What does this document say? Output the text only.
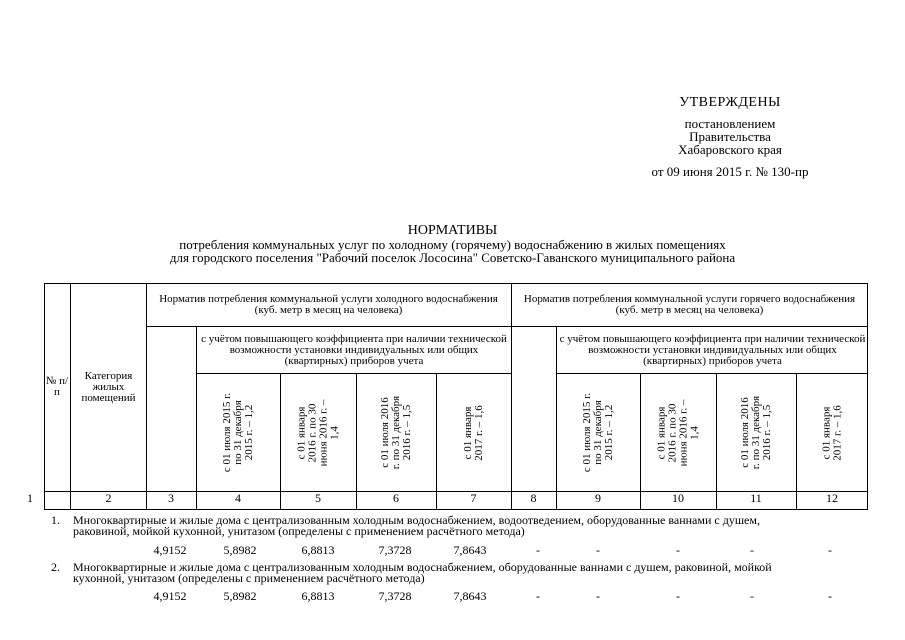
УТВЕРЖДЕНЫ
постановлением
Правительства
Хабаровского края
от 09 июня 2015 г. № 130-пр
НОРМАТИВЫ
потребления коммунальных услуг по холодному (горячему) водоснабжению в жилых помещениях
для городского поселения "Рабочий поселок Лососина" Советско-Гаванского муниципального района
№ п/п
Категория жилых помещений
Норматив потребления коммунальной услуги холодного водоснабжения (куб. метр в месяц на человека)
Норматив потребления коммунальной услуги горячего водоснабжения (куб. метр в месяц на человека)
с учётом повышающего коэффициента при наличии технической возможности установки индивидуальных или общих (квартирных) приборов учета
с учётом повышающего коэффициента при наличии технической возможности установки индивидуальных или общих (квартирных) приборов учета
с 01 июля 2015 г. по 31 декабря 2015 г. – 1,2	с 01 января 2016 г. по 30 июня 2016 г. – 1,4	с 01 июля 2016 г. по 31 декабря 2016 г. – 1,5	с 01 января 2017 г. – 1,6	с 01 июля 2015 г. по 31 декабря 2015 г. – 1,2	с 01 января 2016 г. по 30 июня 2016 г. – 1,4	с 01 июля 2016 г. по 31 декабря 2016 г. – 1,5	с 01 января 2017 г. – 1,6
1	2	3	4	5	6	7	8	9	10	11	12
1. Многоквартирные и жилые дома с централизованным холодным водоснабжением, водоотведением, оборудованные ваннами с душем,
раковиной, мойкой кухонной, унитазом (определены с применением расчётного метода)
4,9152	5,8982	6,8813	7,3728	7,8643	-	-	-	-	-
2. Многоквартирные и жилые дома с централизованным холодным водоснабжением, оборудованные ваннами с душем, раковиной, мойкой
кухонной, унитазом (определены с применением расчётного метода)
4,9152	5,8982	6,8813	7,3728	7,8643	-	-	-	-	-
